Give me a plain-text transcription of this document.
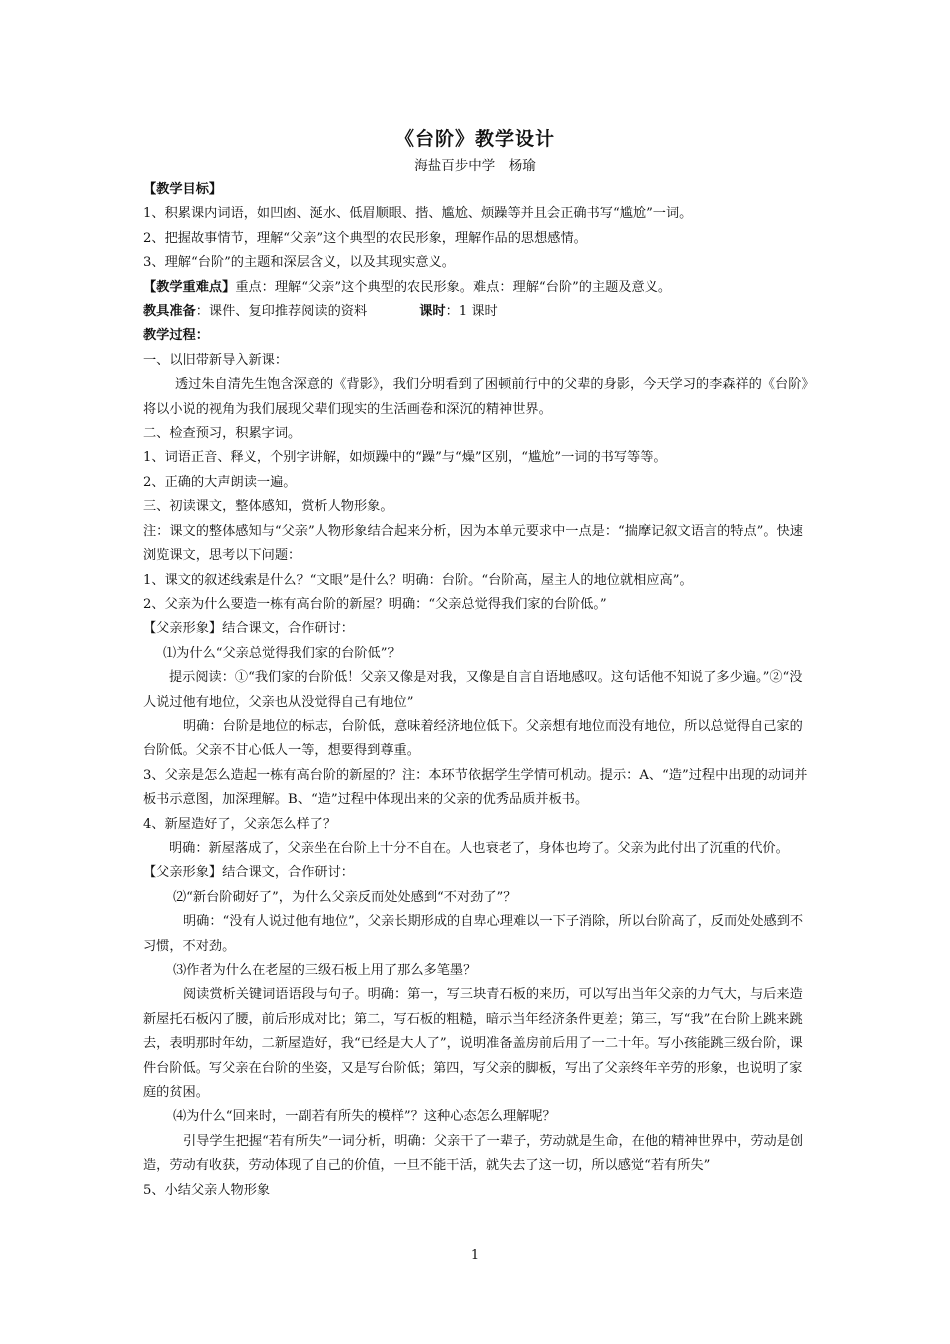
《台阶》教学设计
海盐百步中学　杨瑜

【教学目标】

1、积累课内词语，如凹凼、涎水、低眉顺眼、揩、尴尬、烦躁等并且会正确书写“尴尬”一词。

2、把握故事情节，理解“父亲”这个典型的农民形象，理解作品的思想感情。

3、理解“台阶”的主题和深层含义，以及其现实意义。

【教学重难点】重点：理解“父亲”这个典型的农民形象。难点：理解“台阶”的主题及意义。

教具准备：课件、复印推荐阅读的资料	课时：1 课时

教学过程：

一、以旧带新导入新课：

透过朱自清先生饱含深意的《背影》，我们分明看到了困顿前行中的父辈的身影，今天学习的李森祥的《台阶》将以小说的视角为我们展现父辈们现实的生活画卷和深沉的精神世界。

二、检查预习，积累字词。

1、词语正音、释义，个别字讲解，如烦躁中的“躁”与“燥”区别，“尴尬”一词的书写等等。

2、正确的大声朗读一遍。

三、初读课文，整体感知，赏析人物形象。

注：课文的整体感知与“父亲”人物形象结合起来分析，因为本单元要求中一点是：“揣摩记叙文语言的特点”。快速浏览课文，思考以下问题：

1、课文的叙述线索是什么？“文眼”是什么？明确：台阶。“台阶高，屋主人的地位就相应高”。

2、父亲为什么要造一栋有高台阶的新屋？明确：“父亲总觉得我们家的台阶低。”

【父亲形象】结合课文，合作研讨：

⑴为什么“父亲总觉得我们家的台阶低”？

提示阅读：①“我们家的台阶低！父亲又像是对我，又像是自言自语地感叹。这句话他不知说了多少遍。”②“没人说过他有地位，父亲也从没觉得自己有地位”

明确：台阶是地位的标志，台阶低，意味着经济地位低下。父亲想有地位而没有地位，所以总觉得自己家的台阶低。父亲不甘心低人一等，想要得到尊重。

3、父亲是怎么造起一栋有高台阶的新屋的？注：本环节依据学生学情可机动。提示：A、“造”过程中出现的动词并板书示意图，加深理解。B、“造”过程中体现出来的父亲的优秀品质并板书。

4、新屋造好了，父亲怎么样了？

明确：新屋落成了，父亲坐在台阶上十分不自在。人也衰老了，身体也垮了。父亲为此付出了沉重的代价。

【父亲形象】结合课文，合作研讨：

⑵“新台阶砌好了”，为什么父亲反而处处感到“不对劲了”？

明确：“没有人说过他有地位”，父亲长期形成的自卑心理难以一下子消除，所以台阶高了，反而处处感到不习惯，不对劲。

⑶作者为什么在老屋的三级石板上用了那么多笔墨？

阅读赏析关键词语语段与句子。明确：第一，写三块青石板的来历，可以写出当年父亲的力气大，与后来造新屋托石板闪了腰，前后形成对比；第二，写石板的粗糙，暗示当年经济条件更差；第三，写“我”在台阶上跳来跳去，表明那时年幼，二新屋造好，我“已经是大人了”，说明准备盖房前后用了一二十年。写小孩能跳三级台阶，课件台阶低。写父亲在台阶的坐姿，又是写台阶低；第四，写父亲的脚板，写出了父亲终年辛劳的形象，也说明了家庭的贫困。

⑷为什么“回来时，一副若有所失的模样”？这种心态怎么理解呢？

引导学生把握“若有所失”一词分析，明确：父亲干了一辈子，劳动就是生命，在他的精神世界中，劳动是创造，劳动有收获，劳动体现了自己的价值，一旦不能干活，就失去了这一切，所以感觉“若有所失”

5、小结父亲人物形象

1
